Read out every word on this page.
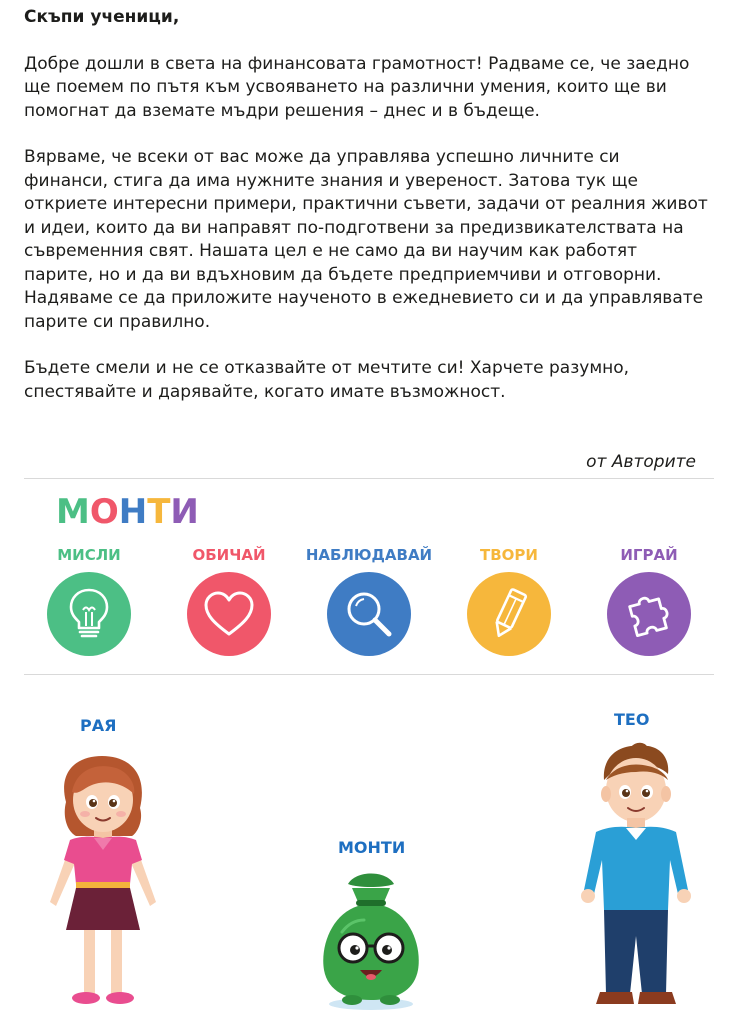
Скъпи ученици,

Добре дошли в света на финансовата грамотност! Радваме се, че заедно ще поемем по пътя към усвояването на различни умения, които ще ви помогнат да вземате мъдри решения – днес и в бъдеще.

Вярваме, че всеки от вас може да управлява успешно личните си финанси, стига да има нужните знания и увереност. Затова тук ще откриете интересни примери, практични съвети, задачи от реалния живот и идеи, които да ви направят по-подготвени за предизвикателствата на съвременния свят. Нашата цел е не само да ви научим как работят парите, но и да ви вдъхновим да бъдете предприемчиви и отговорни. Надяваме се да приложите наученото в ежедневието си и да управлявате парите си правилно.

Бъдете смели и не се отказвайте от мечтите си! Харчете разумно, спестявайте и дарявайте, когато имате възможност.

от Авторите
МОНТИ
МИСЛИ	ОБИЧАЙ	НАБЛЮДАВАЙ	ТВОРИ	ИГРАЙ
РАЯ
МОНТИ
ТЕО
